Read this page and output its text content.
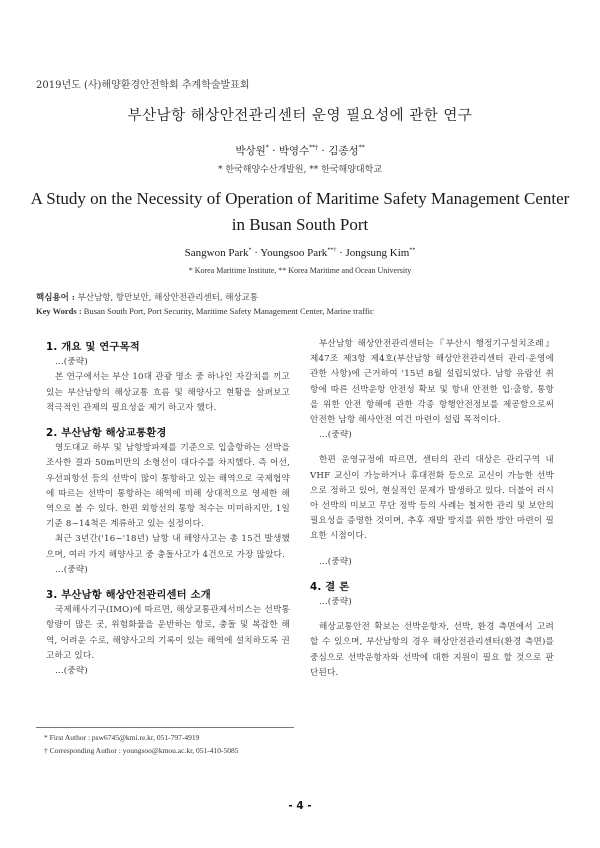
2019년도 (사)해양환경안전학회 추계학술발표회
부산남항 해상안전관리센터 운영 필요성에 관한 연구
박상원* · 박영수**† · 김종성**
* 한국해양수산개발원, ** 한국해양대학교
A Study on the Necessity of Operation of Maritime Safety Management Center
in Busan South Port
Sangwon Park* · Youngsoo Park**† · Jongsung Kim**
* Korea Maritime Institute, ** Korea Maritime and Ocean University
핵심용어 : 부산남항, 항만보안, 해상안전관리센터, 해상교통
Key Words : Busan South Port, Port Security, Maritime Safety Management Center, Marine traffic
1. 개요 및 연구목적

...(중략)

본 연구에서는 부산 10대 관광 명소 중 하나인 자갈치를 끼고 있는 부산남항의 해상교통 흐름 및 해양사고 현황을 살펴보고 적극적인 관제의 필요성을 제기 하고자 했다.

2. 부산남항 해상교통환경

영도대교 하부 및 남항방파제를 기준으로 입출항하는 선박을 조사한 결과 50m미만의 소형선이 대다수를 차지했다. 즉 어선, 우선피항선 등의 선박이 많이 통항하고 있는 해역으로 국제협약에 따르는 선박이 통항하는 해역에 비해 상대적으로 영세한 해역으로 볼 수 있다. 한편 외항선의 통항 척수는 미미하지만, 1일기준 8~14척은 계류하고 있는 실정이다.

최근 3년간('16~'18년) 남항 내 해양사고는 총 15건 발생했으며, 여러 가지 해양사고 중 충돌사고가 4건으로 가장 많았다.

...(중략)

3. 부산남항 해상안전관리센터 소개

국제해사기구(IMO)에 따르면, 해상교통관제서비스는 선박통항량이 많은 곳, 위험화물을 운반하는 항로, 충돌 및 복잡한 해역, 어려운 수로, 해양사고의 기록이 있는 해역에 설치하도록 권고하고 있다.

...(중략)

부산남항 해상안전관리센터는『부산시 행정기구설치조례』제47조 제3항 제4호(부산남항 해상안전관리센터 관리·운영에 관한 사항)에 근거하여 '15년 8월 설립되었다. 남항 유람선 취항에 따른 선박운항 안전성 확보 및 항내 안전한 입·출항, 통항을 위한 안전 항해에 관한 각종 항행안전정보를 제공함으로써 안전한 남항 해사안전 여건 마련이 설립 목적이다.

...(중략)

한편 운영규정에 따르면, 센터의 관리 대상은 관리구역 내 VHF 교신이 가능하거나 휴대전화 등으로 교신이 가능한 선박으로 정하고 있어, 현실적인 문제가 발생하고 있다. 더불어 러시아 선박의 미보고 무단 정박 등의 사례는 철저한 관리 및 보안의 필요성을 증명한 것이며, 추후 재발 방지를 위한 방안 마련이 필요한 시점이다.

...(중략)

4. 결 론

...(중략)

해상교통안전 확보는 선박운항자, 선박, 환경 측면에서 고려할 수 있으며, 부산남항의 경우 해상안전관리센터(환경 측면)를 중심으로 선박운항자와 선박에 대한 지원이 필요 할 것으로 판단된다.

* First Author : psw6745@kmi.re.kr, 051-797-4919
† Corresponding Author : youngsoo@kmou.ac.kr, 051-410-5085
- 4 -
